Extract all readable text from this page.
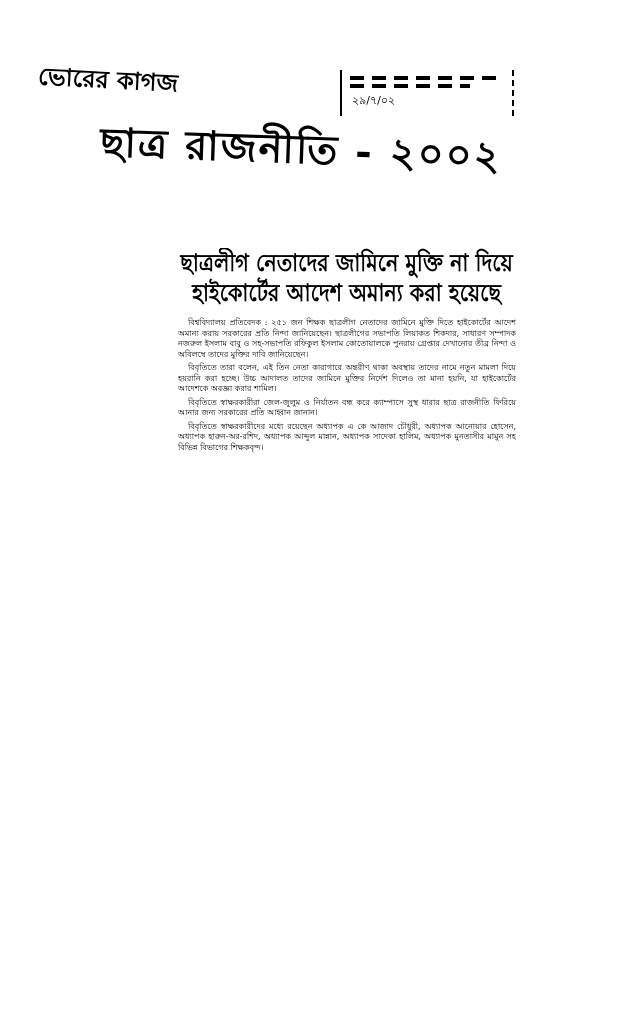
ভোরের কাগজ
২৯/৭/০২
ছাত্র রাজনীতি - ২০০২
ছাত্রলীগ নেতাদের জামিনে মুক্তি না দিয়ে
হাইকোর্টের আদেশ অমান্য করা হয়েছে

বিশ্ববিদ্যালয় প্রতিবেদক : ২৫১ জন শিক্ষক ছাত্রলীগ নেতাদের জামিনে মুক্তি দিতে হাইকোর্টের আদেশ অমান্য করায় সরকারের প্রতি নিন্দা জানিয়েছেন। ছাত্রলীগের সভাপতি লিয়াকত শিকদার, সাধারণ সম্পাদক নজরুল ইসলাম বাবু ও সহ-সভাপতি রফিকুল ইসলাম কোতোয়ালকে পুনরায় গ্রেপ্তার দেখানোর তীব্র নিন্দা ও অবিলম্বে তাদের মুক্তির দাবি জানিয়েছেন।

বিবৃতিতে তারা বলেন, এই তিন নেতা কারাগারে অন্তরীণ থাকা অবস্থায় তাদের নামে নতুন মামলা দিয়ে হয়রানি করা হচ্ছে। উচ্চ আদালত তাদের জামিনে মুক্তির নির্দেশ দিলেও তা মানা হয়নি, যা হাইকোর্টের আদেশকে অবজ্ঞা করার শামিল।

বিবৃতিতে স্বাক্ষরকারীরা জেল-জুলুম ও নির্যাতন বন্ধ করে ক্যাম্পাসে সুস্থ ধারার ছাত্র রাজনীতি ফিরিয়ে আনার জন্য সরকারের প্রতি আহ্বান জানান।

বিবৃতিতে স্বাক্ষরকারীদের মধ্যে রয়েছেন অধ্যাপক এ কে আজাদ চৌধুরী, অধ্যাপক আনোয়ার হোসেন, অধ্যাপক হারুন-অর-রশিদ, অধ্যাপক আব্দুল মান্নান, অধ্যাপক সাদেকা হালিম, অধ্যাপক মুনতাসীর মামুন সহ বিভিন্ন বিভাগের শিক্ষকবৃন্দ।
